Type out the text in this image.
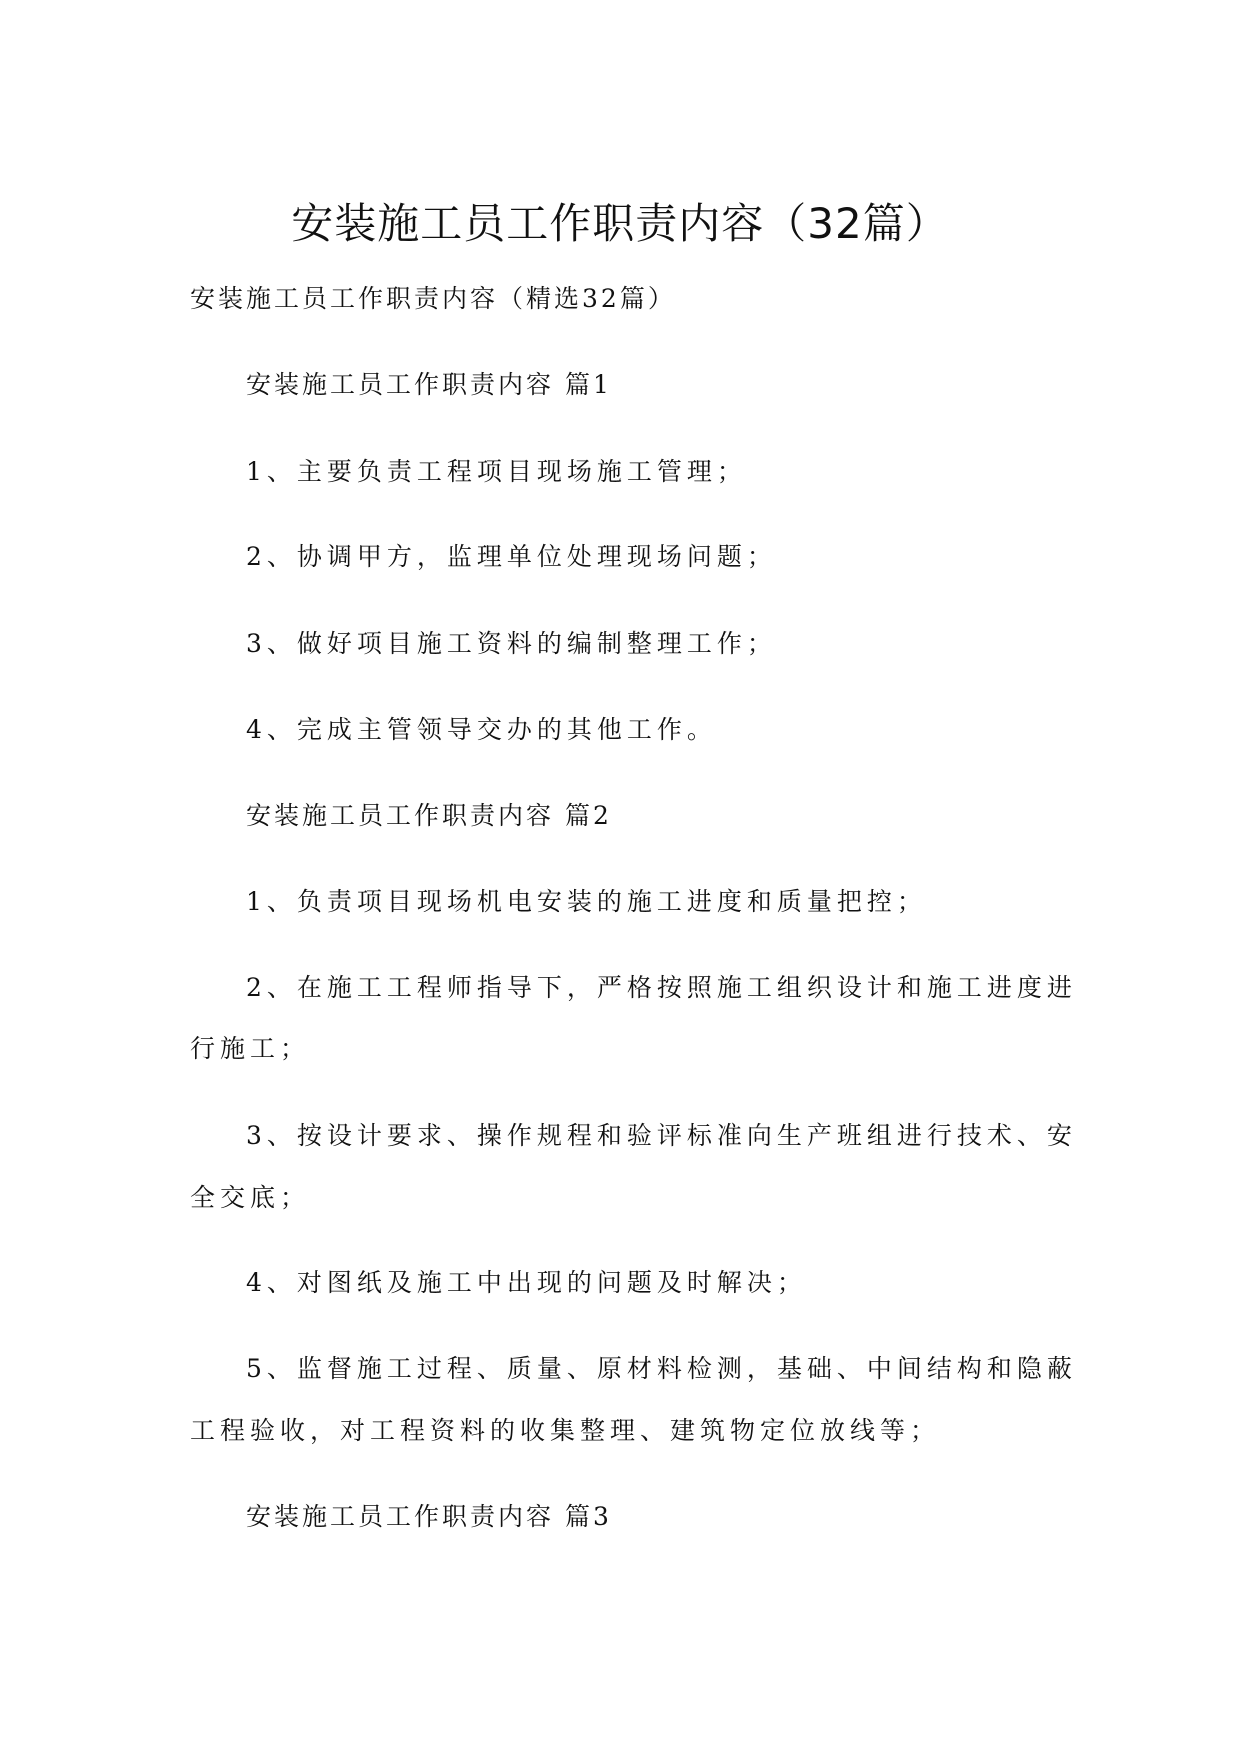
安装施工员工作职责内容（32篇）
安装施工员工作职责内容（精选32篇）
安装施工员工作职责内容 篇1
1、主要负责工程项目现场施工管理；
2、协调甲方，监理单位处理现场问题；
3、做好项目施工资料的编制整理工作；
4、完成主管领导交办的其他工作。
安装施工员工作职责内容 篇2
1、负责项目现场机电安装的施工进度和质量把控；
2、在施工工程师指导下，严格按照施工组织设计和施工进度进
行施工；
3、按设计要求、操作规程和验评标准向生产班组进行技术、安
全交底；
4、对图纸及施工中出现的问题及时解决；
5、监督施工过程、质量、原材料检测，基础、中间结构和隐蔽
工程验收，对工程资料的收集整理、建筑物定位放线等；
安装施工员工作职责内容 篇3
